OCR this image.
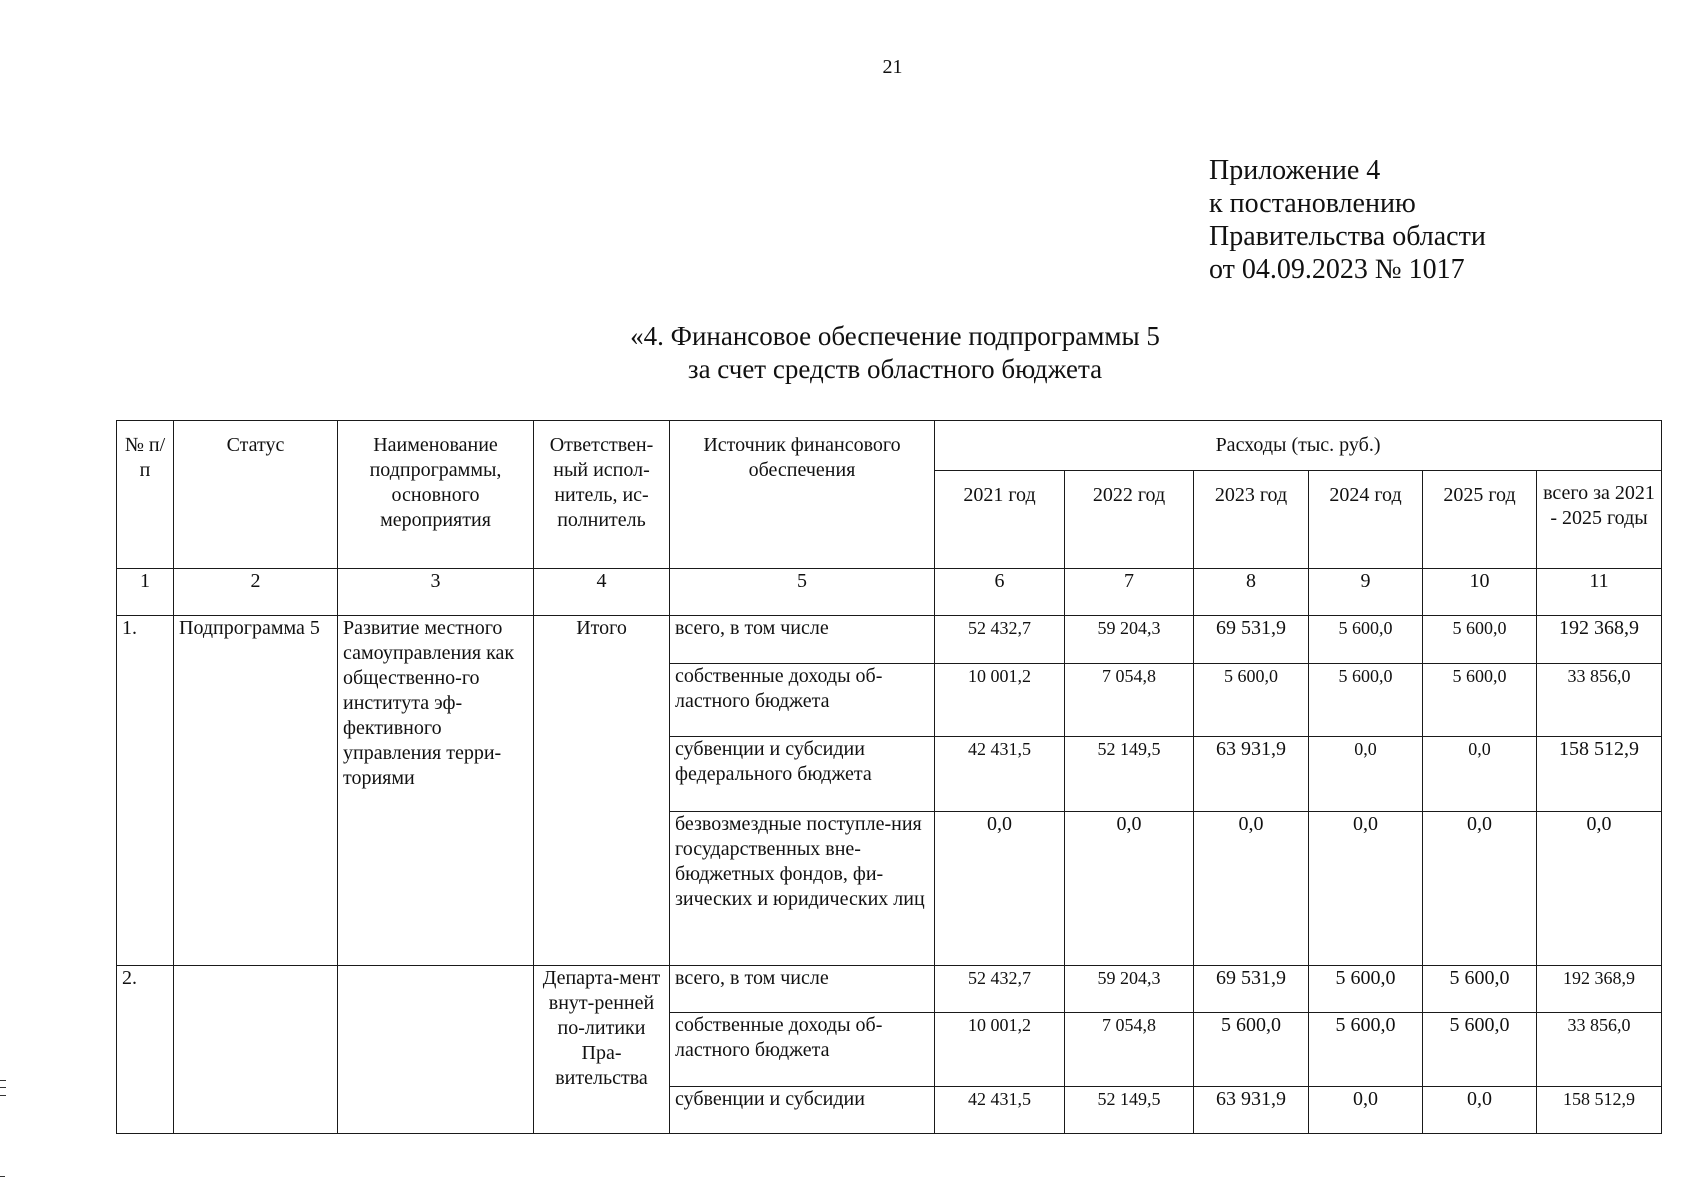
21
Приложение 4
к постановлению
Правительства области
от 04.09.2023 № 1017
«4. Финансовое обеспечение подпрограммы 5
за счет средств областного бюджета
№ п/п	Статус	Наименование подпрограммы, основного мероприятия	Ответствен-ный испол-нитель, ис-полнитель	Источник финансового обеспечения	Расходы (тыс. руб.)					
					2021 год	2022 год	2023 год	2024 год	2025 год	всего за 2021 - 2025 годы
1	2	3	4	5	6	7	8	9	10	11
1.	Подпрограмма 5	Развитие местного самоуправления как общественно-го института эф-фективного управления терри-ториями	Итого	всего, в том числе	52 432,7	59 204,3	69 531,9	5 600,0	5 600,0	192 368,9
				собственные доходы об-ластного бюджета	10 001,2	7 054,8	5 600,0	5 600,0	5 600,0	33 856,0
				субвенции и субсидии федерального бюджета	42 431,5	52 149,5	63 931,9	0,0	0,0	158 512,9
				безвозмездные поступле-ния государственных вне-бюджетных фондов, фи-зических и юридических лиц	0,0	0,0	0,0	0,0	0,0	0,0
2.			Департа-мент внут-ренней по-литики Пра-вительства	всего, в том числе	52 432,7	59 204,3	69 531,9	5 600,0	5 600,0	192 368,9
				собственные доходы об-ластного бюджета	10 001,2	7 054,8	5 600,0	5 600,0	5 600,0	33 856,0
				субвенции и субсидии	42 431,5	52 149,5	63 931,9	0,0	0,0	158 512,9
